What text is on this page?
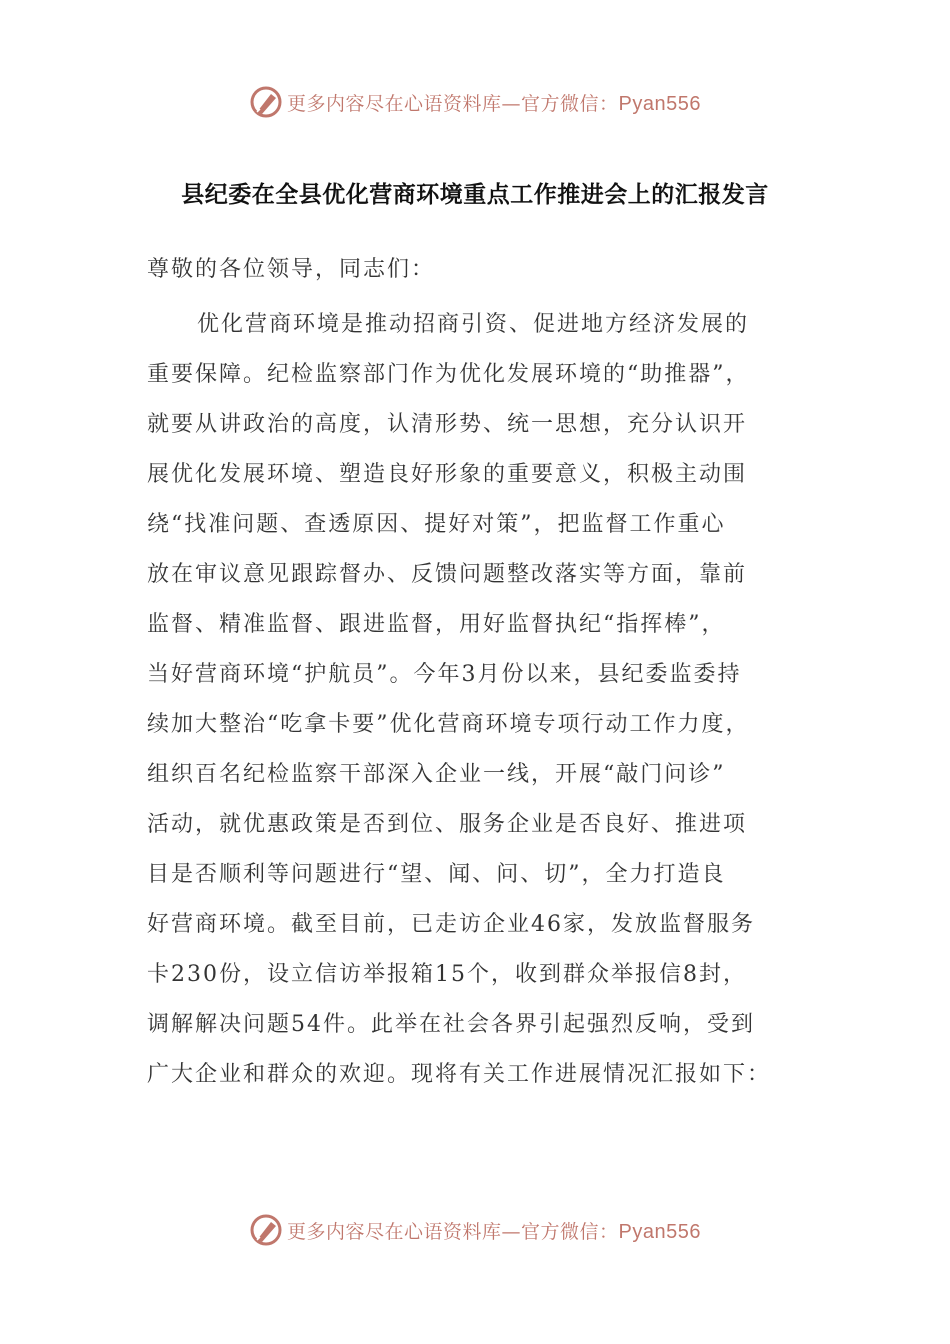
更多内容尽在心语资料库—官方微信：Pyan556
县纪委在全县优化营商环境重点工作推进会上的汇报发言
尊敬的各位领导，同志们：
优化营商环境是推动招商引资、促进地方经济发展的
重要保障。纪检监察部门作为优化发展环境的“助推器”，
就要从讲政治的高度，认清形势、统一思想，充分认识开
展优化发展环境、塑造良好形象的重要意义，积极主动围
绕“找准问题、查透原因、提好对策”，把监督工作重心
放在审议意见跟踪督办、反馈问题整改落实等方面，靠前
监督、精准监督、跟进监督，用好监督执纪“指挥棒”，
当好营商环境“护航员”。今年3月份以来，县纪委监委持
续加大整治“吃拿卡要”优化营商环境专项行动工作力度，
组织百名纪检监察干部深入企业一线，开展“敲门问诊”
活动，就优惠政策是否到位、服务企业是否良好、推进项
目是否顺利等问题进行“望、闻、问、切”，全力打造良
好营商环境。截至目前，已走访企业46家，发放监督服务
卡230份，设立信访举报箱15个，收到群众举报信8封，
调解解决问题54件。此举在社会各界引起强烈反响，受到
广大企业和群众的欢迎。现将有关工作进展情况汇报如下：
更多内容尽在心语资料库—官方微信：Pyan556
